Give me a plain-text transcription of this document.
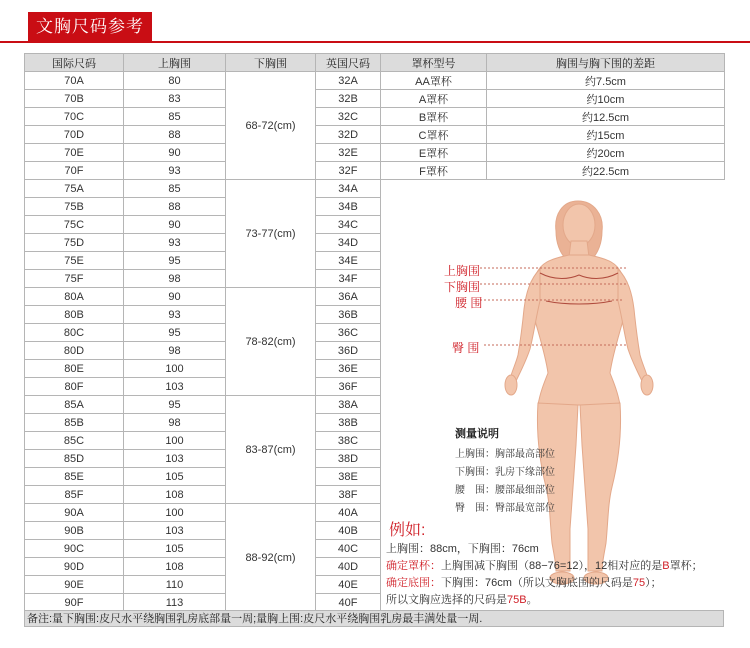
文胸尺码参考
国际尺码	上胸围	下胸围	英国尺码	罩杯型号	胸围与胸下围的差距
70A	80	68-72(cm)	32A	AA罩杯	约7.5cm
70B	83		32B	A罩杯	约10cm
70C	85		32C	B罩杯	约12.5cm
70D	88		32D	C罩杯	约15cm
70E	90		32E	E罩杯	约20cm
70F	93		32F	F罩杯	约22.5cm
75A	85	73-77(cm)	34A		
75B	88		34B		
75C	90		34C		
75D	93		34D		
75E	95		34E		
75F	98		34F		
80A	90	78-82(cm)	36A		
80B	93		36B		
80C	95		36C		
80D	98		36D		
80E	100		36E		
80F	103		36F		
85A	95	83-87(cm)	38A		
85B	98		38B		
85C	100		38C		
85D	103		38D		
85E	105		38E		
85F	108		38F		
90A	100	88-92(cm)	40A		
90B	103		40B		
90C	105		40C		
90D	108		40D		
90E	110		40E		
90F	113		40F		
上胸围
下胸围
腰 围
臀 围
测量说明
上胸围：胸部最高部位
下胸围：乳房下缘部位
腰　围：腰部最细部位
臀　围：臀部最宽部位
例如:
上胸围：88cm，下胸围：76cm
确定罩杯：上胸围减下胸围（88−76=12），12相对应的是B罩杯；
确定底围：下胸围：76cm（所以文胸底围的尺码是75）；
所以文胸应选择的尺码是75B。
备注:量下胸围:皮尺水平绕胸围乳房底部量一周;量胸上围:皮尺水平绕胸围乳房最丰满处量一周.
